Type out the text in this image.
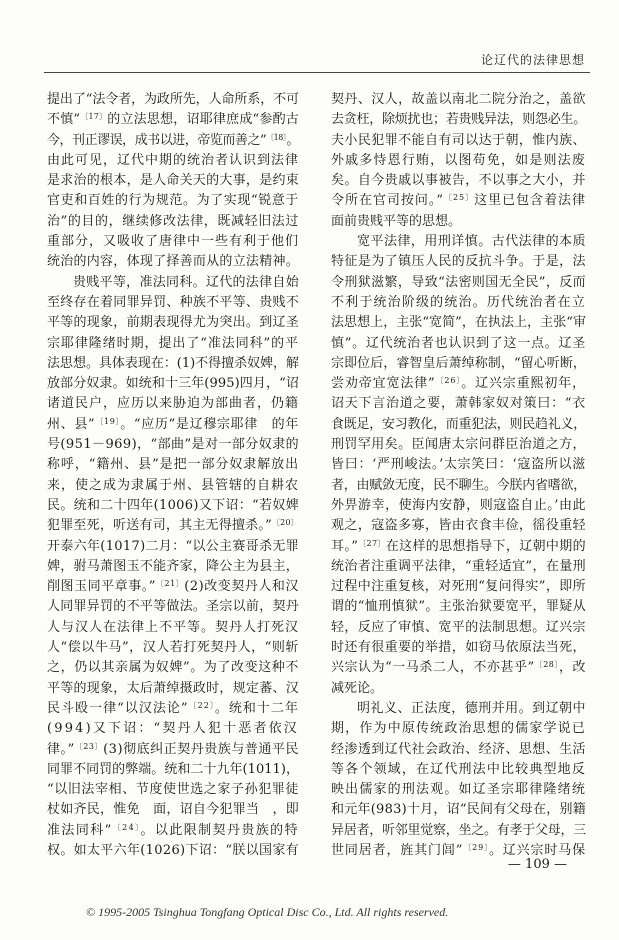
论辽代的法律思想
提出了“法令者，为政所先，人命所系，不可
不慎”$^{〔17〕}$的立法思想，诏耶律庶成“参酌古
今，刊正谬误，成书以进，帝览而善之”$^{〔18〕}$。
由此可见，辽代中期的统治者认识到法律
是求治的根本，是人命关天的大事，是约束
官吏和百姓的行为规范。为了实现“锐意于
治”的目的，继续修改法律，既减轻旧法过
重部分，又吸收了唐律中一些有利于他们
统治的内容，体现了择善而从的立法精神。
贵贱平等，准法同科。辽代的法律自始
至终存在着同罪异罚、种族不平等、贵贱不
平等的现象，前期表现得尤为突出。到辽圣
宗耶律隆绪时期，提出了“准法同科”的平
法思想。具体表现在：(1)不得擅杀奴婢，解
放部分奴隶。如统和十三年(995)四月，“诏
诸道民户，应历以来胁迫为部曲者，仍籍
州、县”$^{〔19〕}$。“应历”是辽穆宗耶律　的年
号(951－969)，“部曲”是对一部分奴隶的
称呼，“籍州、县”是把一部分奴隶解放出
来，使之成为隶属于州、县管辖的自耕农
民。统和二十四年(1006)又下诏：“若奴婢
犯罪至死，听送有司，其主无得擅杀。”$^{〔20〕}$
开泰六年(1017)二月：“以公主赛哥杀无罪
婢，驸马萧图玉不能齐家，降公主为县主，
削图玉同平章事。”$^{〔21〕}$(2)改变契丹人和汉
人同罪异罚的不平等做法。圣宗以前，契丹
人与汉人在法律上不平等。契丹人打死汉
人“偿以牛马”，汉人若打死契丹人，“则斩
之，仍以其亲属为奴婢”。为了改变这种不
平等的现象，太后萧绰摄政时，规定蕃、汉
民斗殴一律“以汉法论”$^{〔22〕}$。统和十二年
(994)又下诏：“契丹人犯十恶者依汉
律。”$^{〔23〕}$(3)彻底纠正契丹贵族与普通平民
同罪不同罚的弊端。统和二十九年(1011)，
“以旧法宰相、节度使世选之家子孙犯罪徒
杖如齐民，惟免　面，诏自今犯罪当　，即
准法同科”$^{〔24〕}$。以此限制契丹贵族的特
权。如太平六年(1026)下诏：“朕以国家有
契丹、汉人，故盖以南北二院分治之，盖欲
去贪枉，除烦扰也；若贵贱异法，则怨必生。
夫小民犯罪不能自有司以达于朝，惟内族、
外戚多恃恩行贿，以图苟免，如是则法废
矣。自今贵戚以事被告，不以事之大小，并
令所在官司按问。”$^{〔25〕}$这里已包含着法律
面前贵贱平等的思想。
宽平法律，用刑详慎。古代法律的本质
特征是为了镇压人民的反抗斗争。于是，法
令刑狱滋繁，导致“法密则国无全民”，反而
不利于统治阶级的统治。历代统治者在立
法思想上，主张“宽简”，在执法上，主张“审
慎”。辽代统治者也认识到了这一点。辽圣
宗即位后，睿智皇后萧绰称制，“留心听断，
尝劝帝宜宽法律”$^{〔26〕}$。辽兴宗重熙初年，
诏天下言治道之要，萧韩家奴对策曰：“衣
食既足，安习教化，而重犯法，则民趋礼义，
刑罚罕用矣。臣闻唐太宗问群臣治道之方，
皆曰：‘严刑峻法。’太宗笑曰：‘寇盗所以滋
者，由赋敛无度，民不聊生。今朕内省嗜欲，
外畀游幸，使海内安静，则寇盗自止。’由此
观之，寇盗多寡，皆由衣食丰俭，徭役重轻
耳。”$^{〔27〕}$在这样的思想指导下，辽朝中期的
统治者注重调平法律，“重轻适宜”，在量刑
过程中注重复核，对死刑“复问得实”，即所
谓的“恤刑慎狱”。主张治狱要宽平，罪疑从
轻，反应了审慎、宽平的法制思想。辽兴宗
时还有很重要的举措，如窃马依原法当死，
兴宗认为“一马杀二人，不亦甚乎”$^{〔28〕}$，改
减死论。
明礼义、正法度，德刑并用。到辽朝中
期，作为中原传统政治思想的儒家学说已
经渗透到辽代社会政治、经济、思想、生活
等各个领域，在辽代刑法中比较典型地反
映出儒家的刑法观。如辽圣宗耶律隆绪统
和元年(983)十月，诏“民间有父母在，别籍
异居者，听邻里觉察，坐之。有孝于父母，三
世同居者，旌其门闾”$^{〔29〕}$。辽兴宗时马保
— 109 —
© 1995-2005 Tsinghua Tongfang Optical Disc Co., Ltd. All rights reserved.
